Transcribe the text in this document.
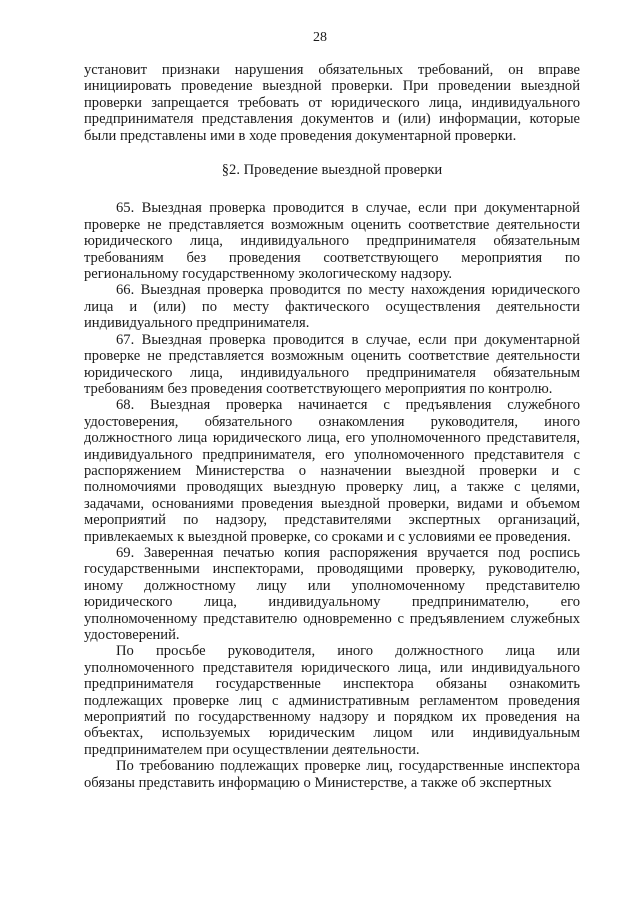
28

установит признаки нарушения обязательных требований, он вправе инициировать проведение выездной проверки. При проведении выездной проверки запрещается требовать от юридического лица, индивидуального предпринимателя представления документов и (или) информации, которые были представлены ими в ходе проведения документарной проверки.

§2. Проведение выездной проверки

65. Выездная проверка проводится в случае, если при документарной проверке не представляется возможным оценить соответствие деятельности юридического лица, индивидуального предпринимателя обязательным требованиям без проведения соответствующего мероприятия по региональному государственному экологическому надзору.

66. Выездная проверка проводится по месту нахождения юридического лица и (или) по месту фактического осуществления деятельности индивидуального предпринимателя.

67. Выездная проверка проводится в случае, если при документарной проверке не представляется возможным оценить соответствие деятельности юридического лица, индивидуального предпринимателя обязательным требованиям без проведения соответствующего мероприятия по контролю.

68. Выездная проверка начинается с предъявления служебного удостоверения, обязательного ознакомления руководителя, иного должностного лица юридического лица, его уполномоченного представителя, индивидуального предпринимателя, его уполномоченного представителя с распоряжением Министерства о назначении выездной проверки и с полномочиями проводящих выездную проверку лиц, а также с целями, задачами, основаниями проведения выездной проверки, видами и объемом мероприятий по надзору, представителями экспертных организаций, привлекаемых к выездной проверке, со сроками и с условиями ее проведения.

69. Заверенная печатью копия распоряжения вручается под роспись государственными инспекторами, проводящими проверку, руководителю, иному должностному лицу или уполномоченному представителю юридического лица, индивидуальному предпринимателю, его уполномоченному представителю одновременно с предъявлением служебных удостоверений.

По просьбе руководителя, иного должностного лица или уполномоченного представителя юридического лица, или индивидуального предпринимателя государственные инспектора обязаны ознакомить подлежащих проверке лиц с административным регламентом проведения мероприятий по государственному надзору и порядком их проведения на объектах, используемых юридическим лицом или индивидуальным предпринимателем при осуществлении деятельности.

По требованию подлежащих проверке лиц, государственные инспектора обязаны представить информацию о Министерстве, а также об экспертных
